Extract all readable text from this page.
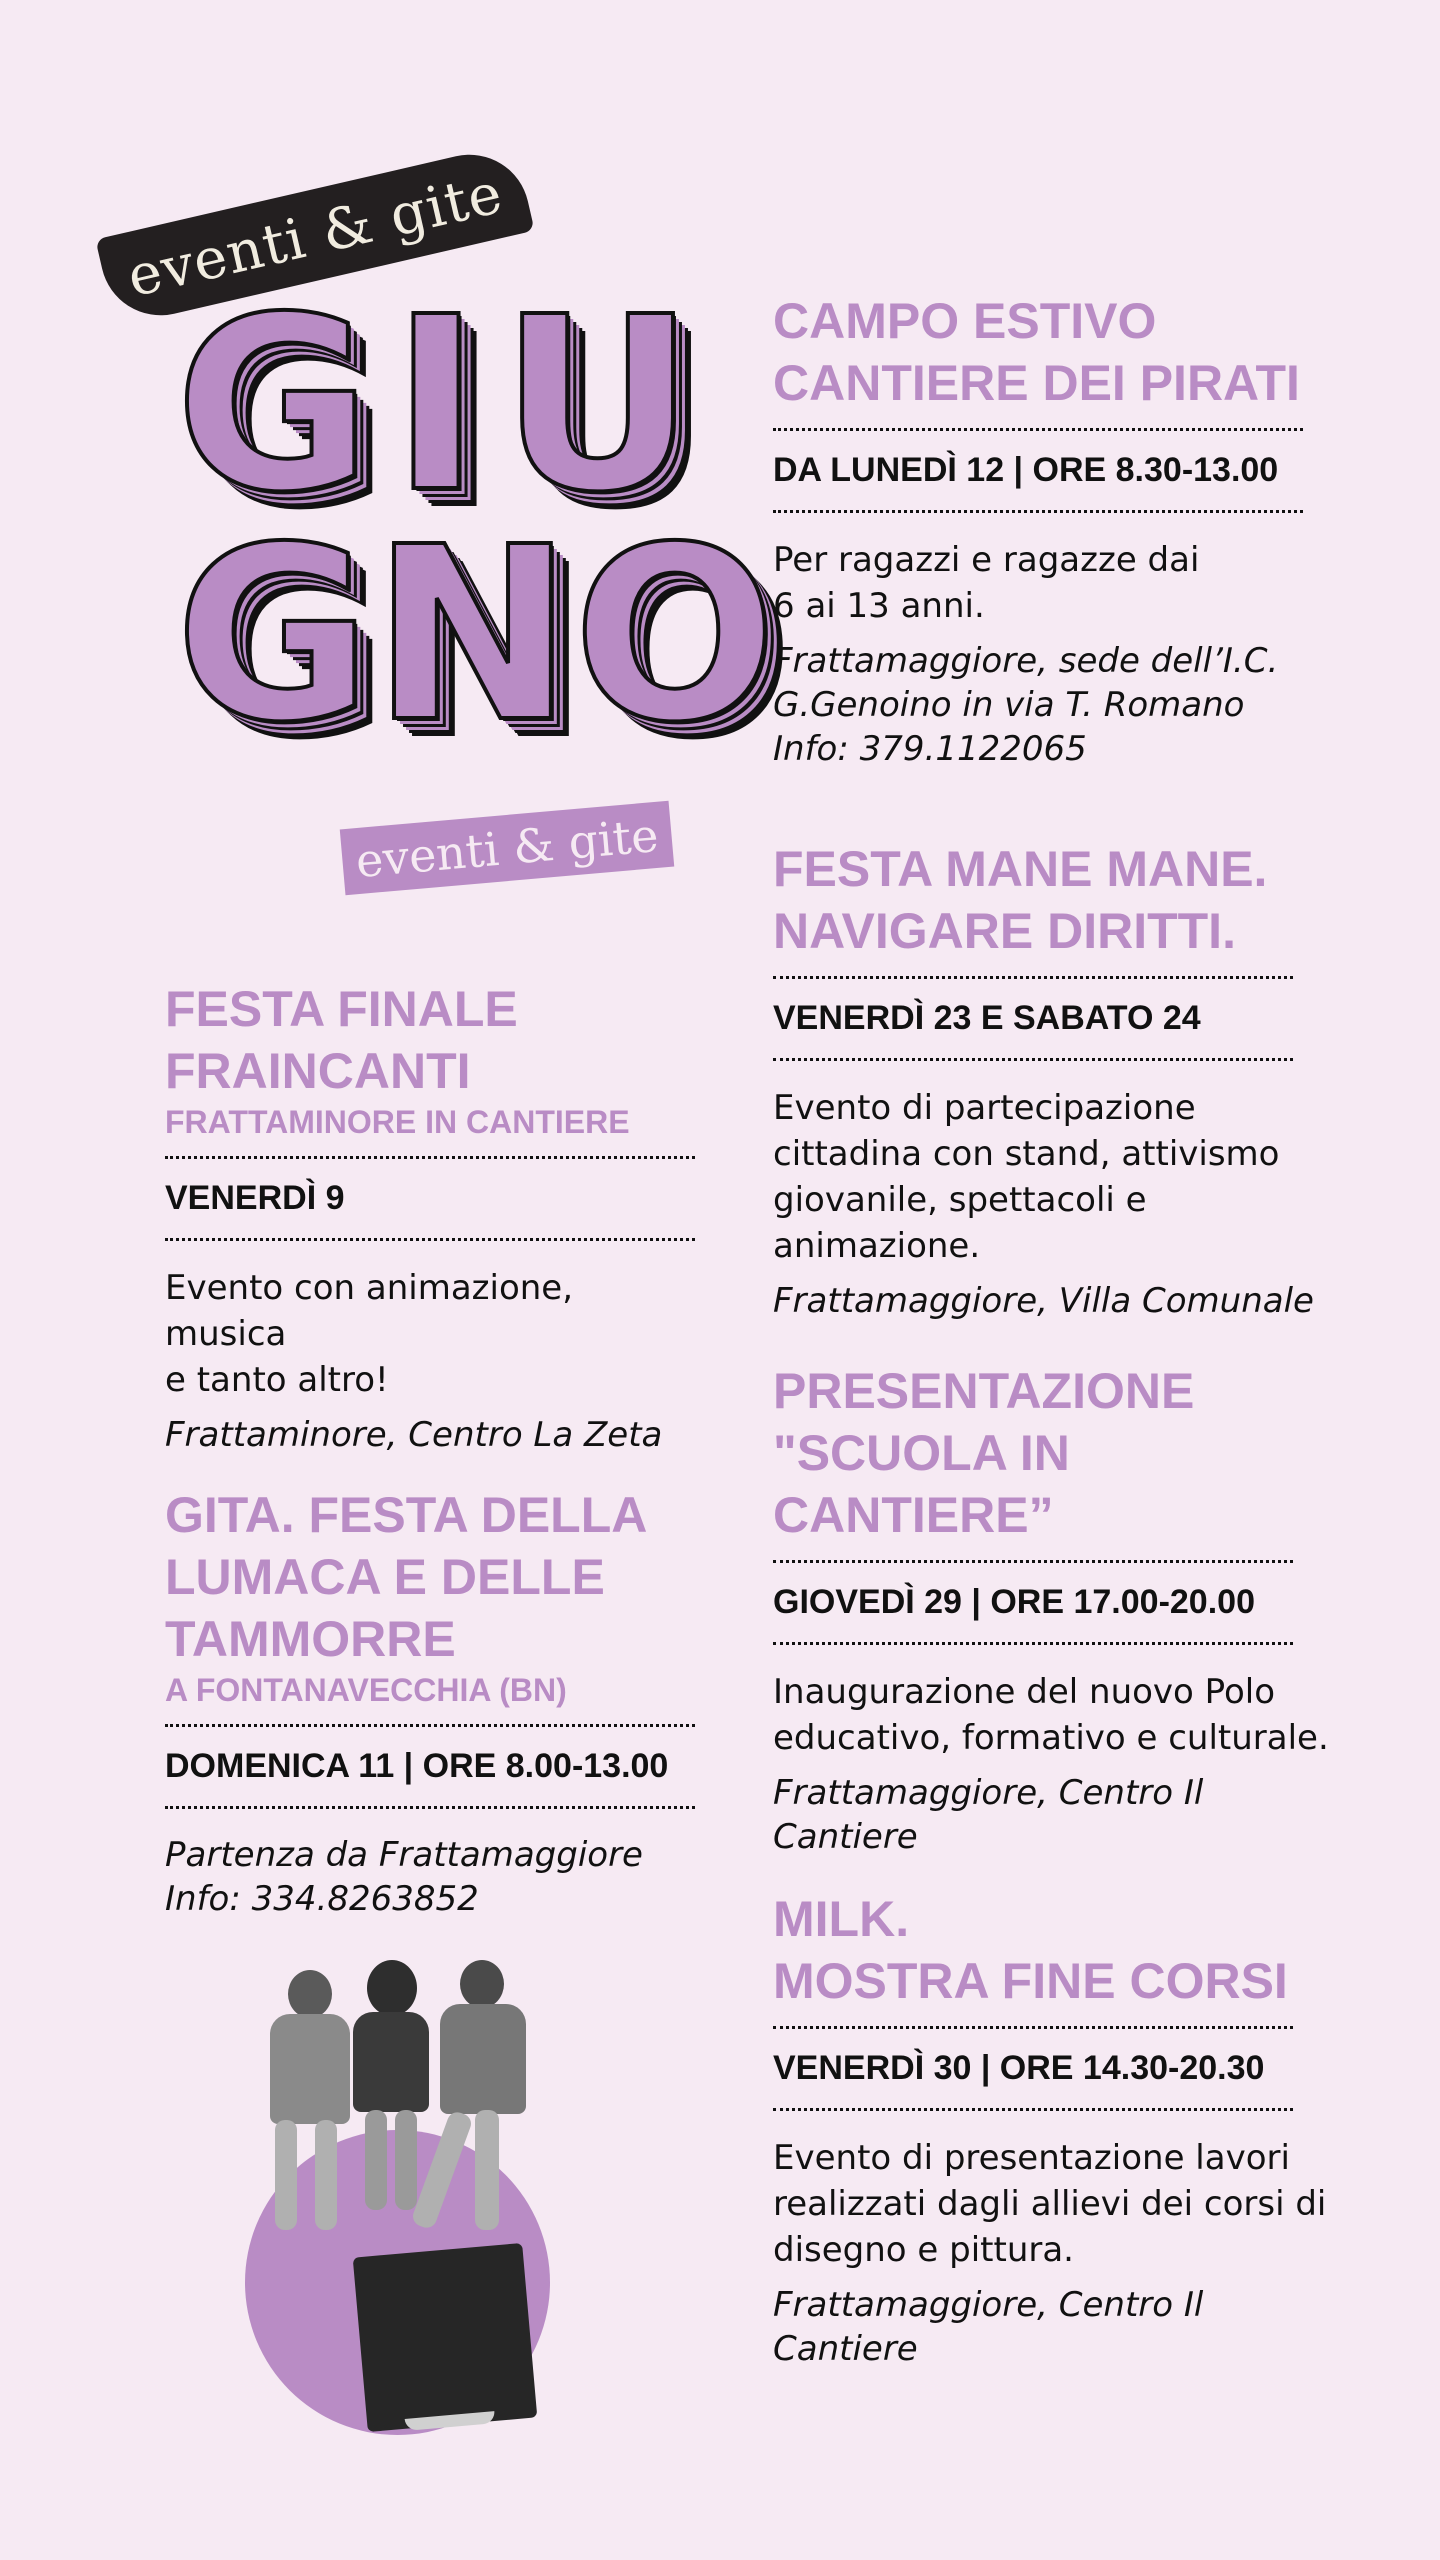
eventi & gite
G I U
G N O
eventi & gite
FESTA FINALE
FRAINCANTI

FRATTAMINORE IN CANTIERE

VENERDÌ 9

Evento con animazione, musica
e tanto altro!

Frattaminore, Centro La Zeta

GITA. FESTA DELLA
LUMACA E DELLE
TAMMORRE

A FONTANAVECCHIA (BN)

DOMENICA 11 | ORE 8.00-13.00

Partenza da Frattamaggiore
Info: 334.8263852

CAMPO ESTIVO
CANTIERE DEI PIRATI
DA LUNEDÌ 12 | ORE 8.30-13.00

Per ragazzi e ragazze dai
6 ai 13 anni.

Frattamaggiore, sede dell’I.C.
G.Genoino in via T. Romano
Info: 379.1122065

FESTA MANE MANE.
NAVIGARE DIRITTI.
VENERDÌ 23 E SABATO 24

Evento di partecipazione
cittadina con stand, attivismo
giovanile, spettacoli e animazione.

Frattamaggiore, Villa Comunale

PRESENTAZIONE
"SCUOLA IN
CANTIERE”
GIOVEDÌ 29 | ORE 17.00-20.00

Inaugurazione del nuovo Polo
educativo, formativo e culturale.

Frattamaggiore, Centro Il Cantiere

MILK.
MOSTRA FINE CORSI
VENERDÌ 30 | ORE 14.30-20.30

Evento di presentazione lavori
realizzati dagli allievi dei corsi di
disegno e pittura.

Frattamaggiore, Centro Il Cantiere
